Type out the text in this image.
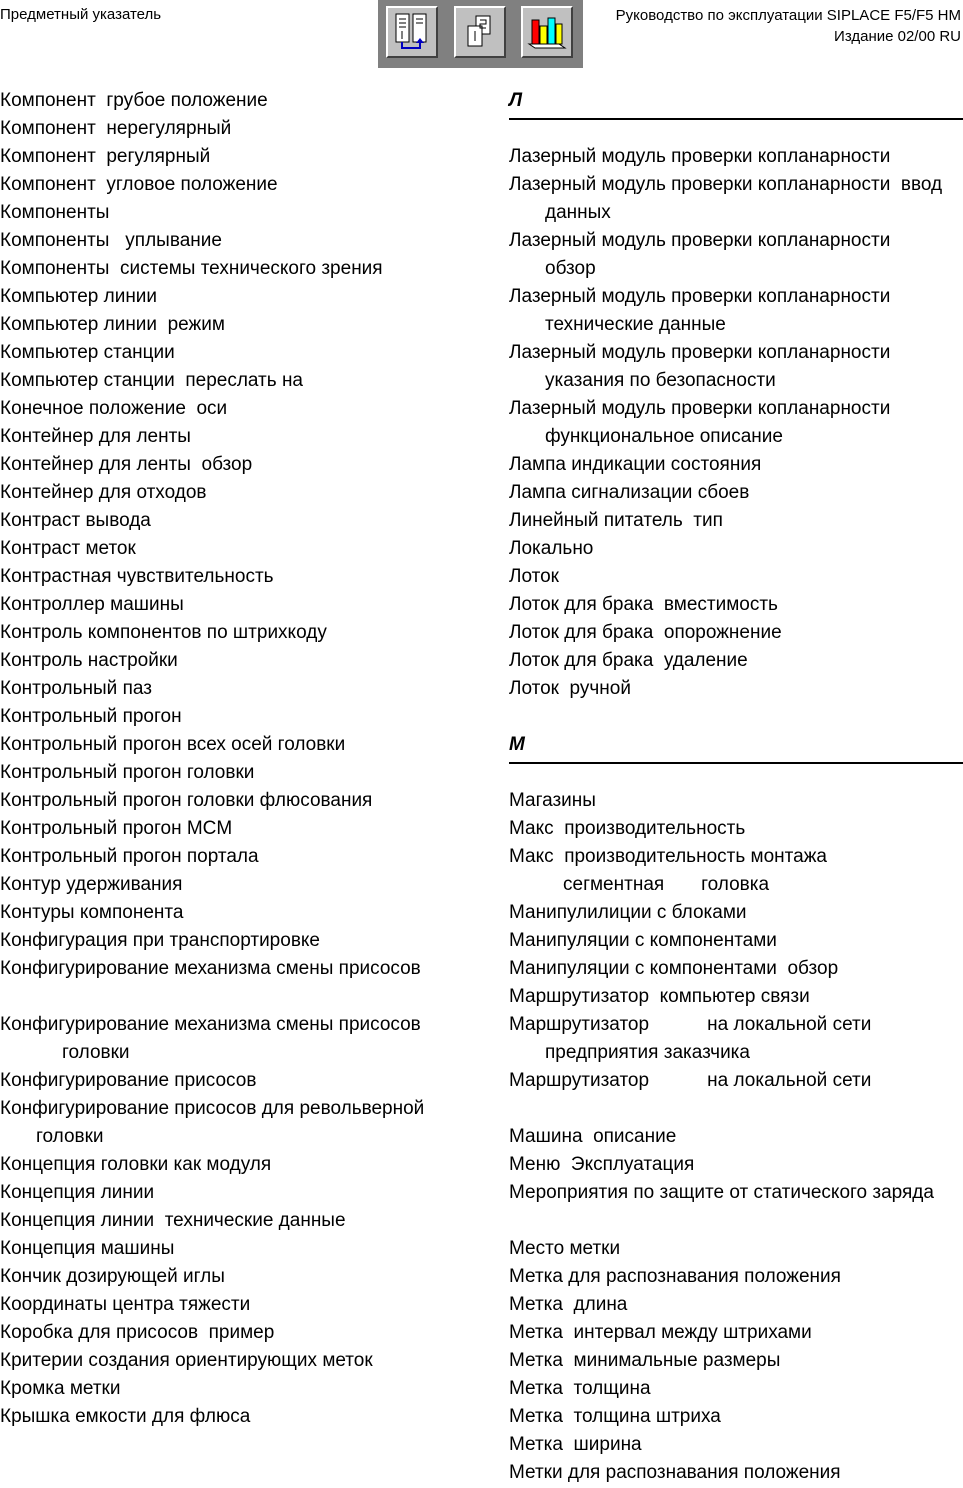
Предметный указатель	Руководство по эксплуатации SIPLACE F5/F5 HM
Издание 02/00 RU
Компонент  грубое положение
Компонент  нерегулярный
Компонент  регулярный
Компонент  угловое положение
Компоненты
Компоненты   уплывание
Компоненты  системы технического зрения
Компьютер линии
Компьютер линии  режим
Компьютер станции
Компьютер станции  переслать на
Конечное положение  оси
Контейнер для ленты
Контейнер для ленты  обзор
Контейнер для отходов
Контраст вывода
Контраст меток
Контрастная чувствительность
Контроллер машины
Контроль компонентов по штрихкоду
Контроль настройки
Контрольный паз
Контрольный прогон
Контрольный прогон всех осей головки
Контрольный прогон головки
Контрольный прогон головки флюсования
Контрольный прогон MCM
Контрольный прогон портала
Контур удерживания
Контуры компонента
Конфигурация при транспортировке
Конфигурирование механизма смены присосов
Конфигурирование механизма смены присосов
головки
Конфигурирование присосов
Конфигурирование присосов для револьверной
головки
Концепция головки как модуля
Концепция линии
Концепция линии  технические данные
Концепция машины
Кончик дозирующей иглы
Координаты центра тяжести
Коробка для присосов  пример
Критерии создания ориентирующих меток
Кромка метки
Крышка емкости для флюса
Л
Лазерный модуль проверки копланарности
Лазерный модуль проверки копланарности  ввод
данных
Лазерный модуль проверки копланарности
обзор
Лазерный модуль проверки копланарности
технические данные
Лазерный модуль проверки копланарности
указания по безопасности
Лазерный модуль проверки копланарности
функциональное описание
Лампа индикации состояния
Лампа сигнализации сбоев
Линейный питатель  тип
Локально
Лоток
Лоток для брака  вместимость
Лоток для брака  опорожнение
Лоток для брака  удаление
Лоток  ручной
М
Магазины
Макс  производительность
Макс  производительность монтажа
сегментная       головка
Манипулилиции с блоками
Манипуляции с компонентами
Манипуляции с компонентами  обзор
Маршрутизатор  компьютер связи
Маршрутизатор           на локальной сети
предприятия заказчика
Маршрутизатор           на локальной сети
Машина  описание
Меню  Эксплуатация
Мероприятия по защите от статического заряда
Место метки
Метка для распознавания положения
Метка  длина
Метка  интервал между штрихами
Метка  минимальные размеры
Метка  толщина
Метка  толщина штриха
Метка  ширина
Метки для распознавания положения
